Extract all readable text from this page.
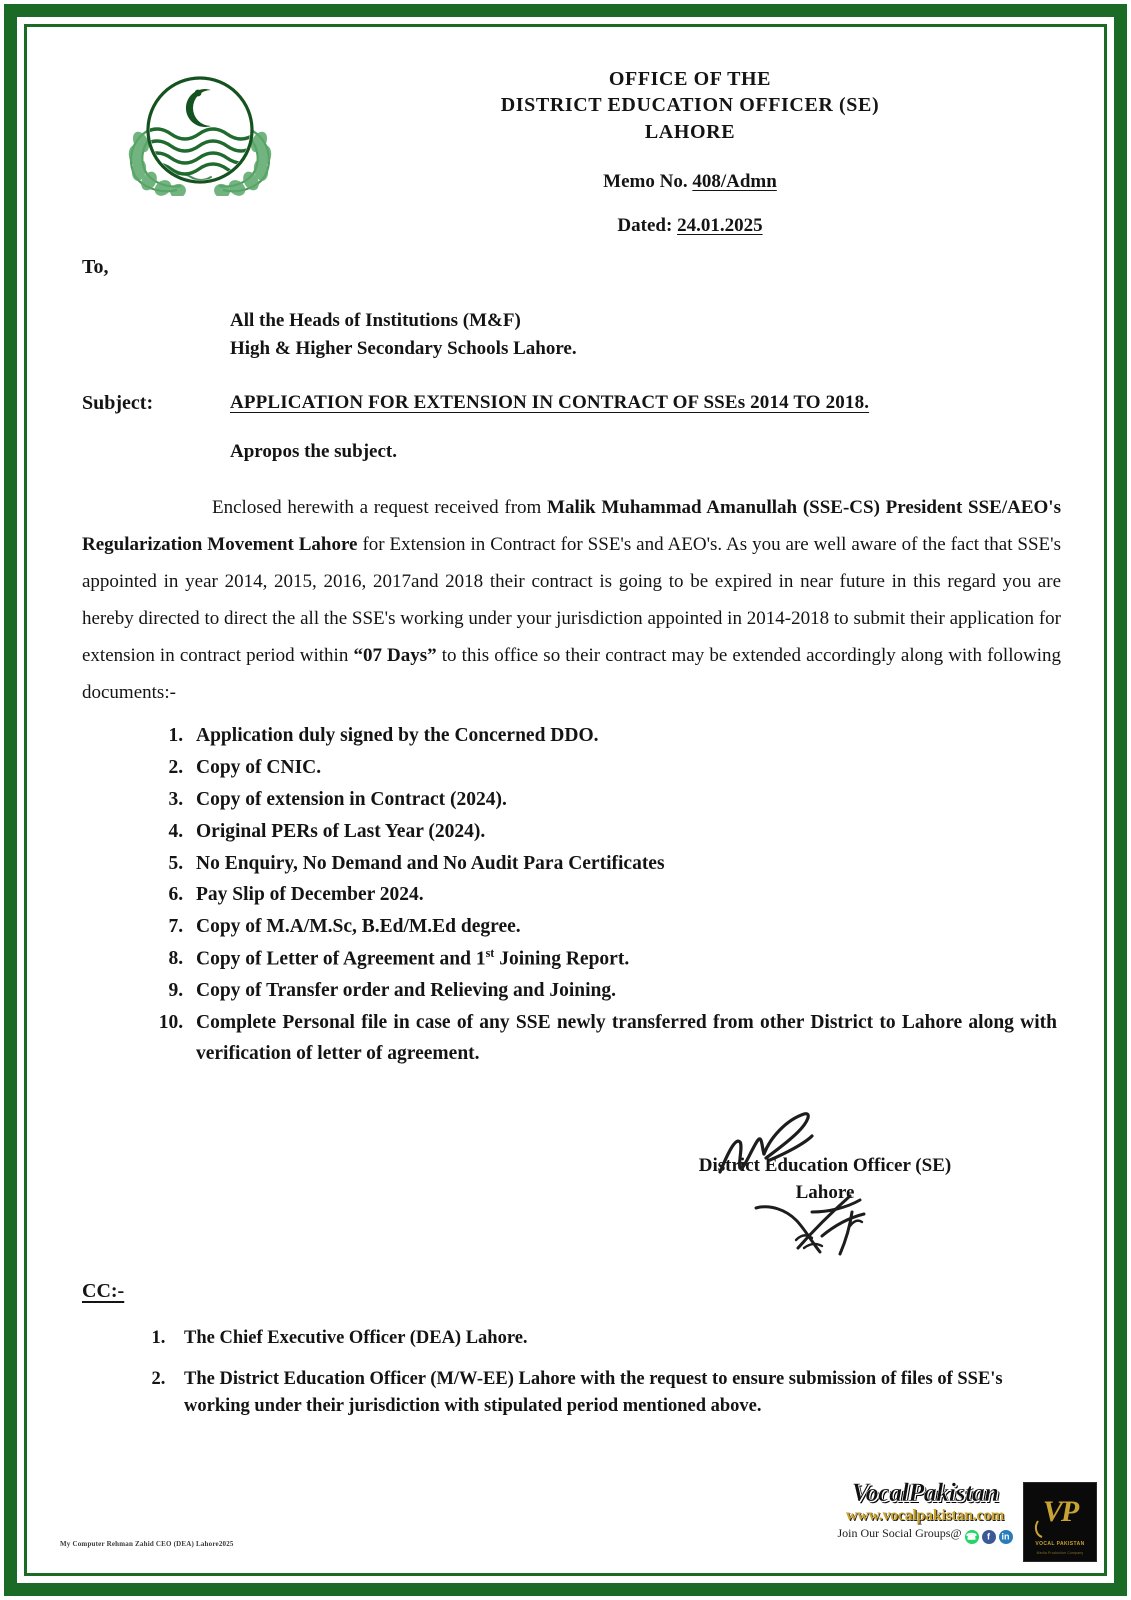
OFFICE OF THE
DISTRICT EDUCATION OFFICER (SE)
LAHORE
Memo No. 408/Admn
Dated: 24.01.2025
To,
All the Heads of Institutions (M&F)
High & Higher Secondary Schools Lahore.
Subject:	APPLICATION FOR EXTENSION IN CONTRACT OF SSEs 2014 TO 2018.
Apropos the subject.
Enclosed herewith a request received from Malik Muhammad Amanullah (SSE-CS) President SSE/AEO's Regularization Movement Lahore for Extension in Contract for SSE's and AEO's. As you are well aware of the fact that SSE's appointed in year 2014, 2015, 2016, 2017and 2018 their contract is going to be expired in near future in this regard you are hereby directed to direct the all the SSE's working under your jurisdiction appointed in 2014-2018 to submit their application for extension in contract period within “07 Days” to this office so their contract may be extended accordingly along with following documents:-
1. Application duly signed by the Concerned DDO.
2. Copy of CNIC.
3. Copy of extension in Contract (2024).
4. Original PERs of Last Year (2024).
5. No Enquiry, No Demand and No Audit Para Certificates
6. Pay Slip of December 2024.
7. Copy of M.A/M.Sc, B.Ed/M.Ed degree.
8. Copy of Letter of Agreement and 1st Joining Report.
9. Copy of Transfer order and Relieving and Joining.
10. Complete Personal file in case of any SSE newly transferred from other District to Lahore along with verification of letter of agreement.
District Education Officer (SE)
Lahore
CC:-
1. The Chief Executive Officer (DEA) Lahore.
2. The District Education Officer (M/W-EE) Lahore with the request to ensure submission of files of SSE's working under their jurisdiction with stipulated period mentioned above.
My Computer Rehman Zahid CEO (DEA) Lahore2025
VocalPakistan
www.vocalpakistan.com
Join Our Social Groups@ ☎	f	in
VP
VOCAL PAKISTAN
Media Production Company
